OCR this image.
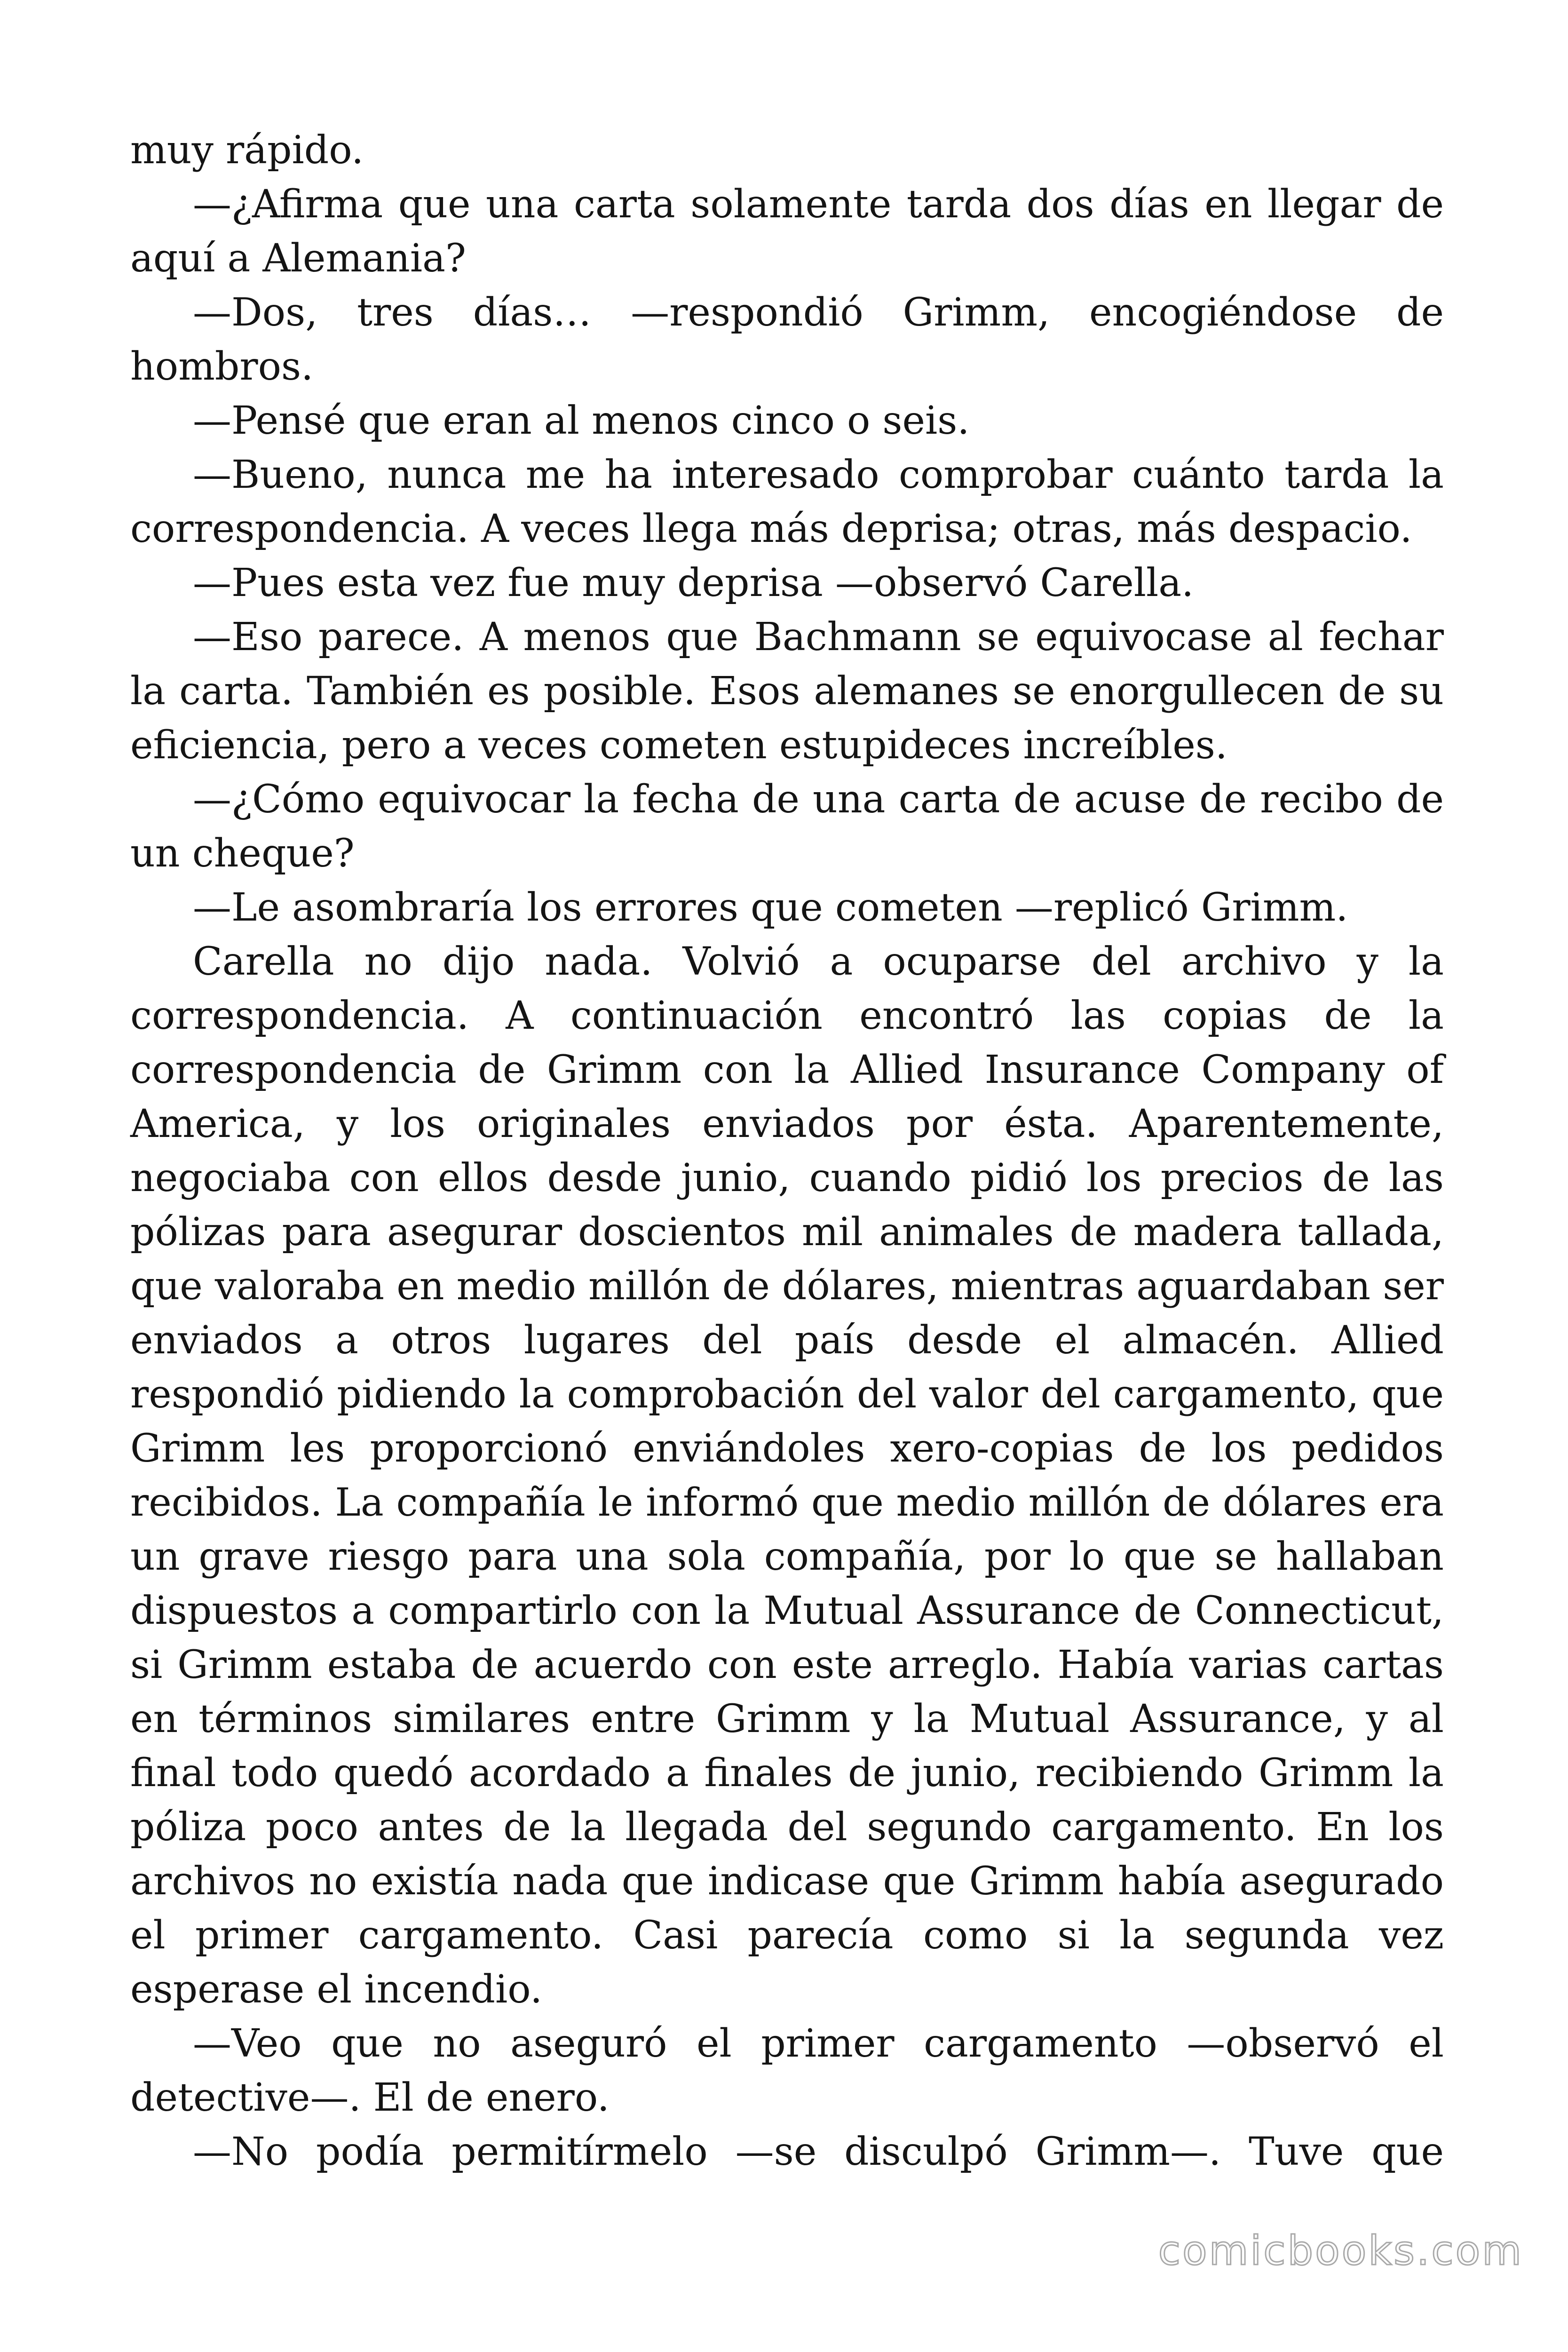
muy rápido.

—¿Afirma que una carta solamente tarda dos días en llegar de aquí a Alemania?

—Dos, tres días… —respondió Grimm, encogiéndose de hombros.

—Pensé que eran al menos cinco o seis.

—Bueno, nunca me ha interesado comprobar cuánto tarda la correspondencia. A veces llega más deprisa; otras, más despacio.

—Pues esta vez fue muy deprisa —observó Carella.

—Eso parece. A menos que Bachmann se equivocase al fechar la carta. También es posible. Esos alemanes se enorgullecen de su eficiencia, pero a veces cometen estupideces increíbles.

—¿Cómo equivocar la fecha de una carta de acuse de recibo de un cheque?

—Le asombraría los errores que cometen —replicó Grimm.

Carella no dijo nada. Volvió a ocuparse del archivo y la correspondencia. A continuación encontró las copias de la correspondencia de Grimm con la Allied Insurance Company of America, y los originales enviados por ésta. Aparentemente, negociaba con ellos desde junio, cuando pidió los precios de las pólizas para asegurar doscientos mil animales de madera tallada, que valoraba en medio millón de dólares, mientras aguardaban ser enviados a otros lugares del país desde el almacén. Allied respondió pidiendo la comprobación del valor del cargamento, que Grimm les proporcionó enviándoles xero-copias de los pedidos recibidos. La compañía le informó que medio millón de dólares era un grave riesgo para una sola compañía, por lo que se hallaban dispuestos a compartirlo con la Mutual Assurance de Connecticut, si Grimm estaba de acuerdo con este arreglo. Había varias cartas en términos similares entre Grimm y la Mutual Assurance, y al final todo quedó acordado a finales de junio, recibiendo Grimm la póliza poco antes de la llegada del segundo cargamento. En los archivos no existía nada que indicase que Grimm había asegurado el primer cargamento. Casi parecía como si la segunda vez esperase el incendio.

—Veo que no aseguró el primer cargamento —observó el detective—. El de enero.

—No podía permitírmelo —se disculpó Grimm—. Tuve que

comicbooks.com
